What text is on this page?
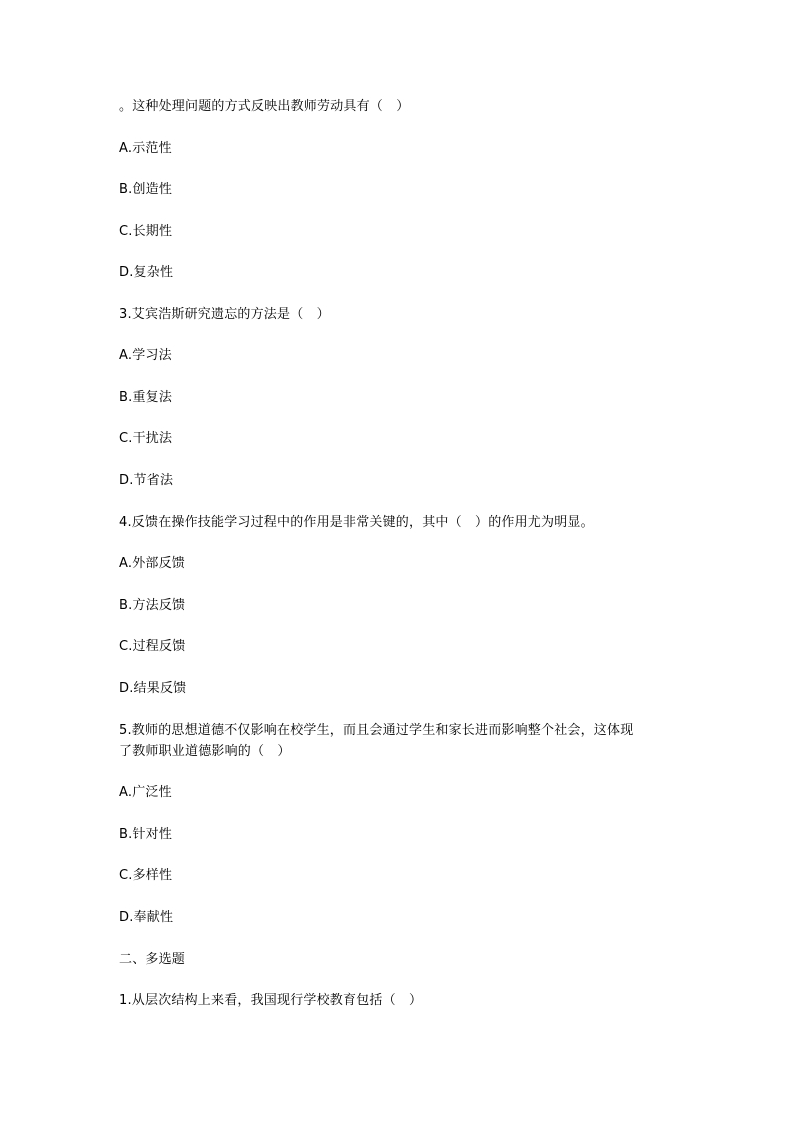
。这种处理问题的方式反映出教师劳动具有（　）
A.示范性
B.创造性
C.长期性
D.复杂性
3.艾宾浩斯研究遗忘的方法是（　）
A.学习法
B.重复法
C.干扰法
D.节省法
4.反馈在操作技能学习过程中的作用是非常关键的，其中（　）的作用尤为明显。
A.外部反馈
B.方法反馈
C.过程反馈
D.结果反馈
5.教师的思想道德不仅影响在校学生，而且会通过学生和家长进而影响整个社会，这体现
了教师职业道德影响的（　）
A.广泛性
B.针对性
C.多样性
D.奉献性
二、多选题
1.从层次结构上来看，我国现行学校教育包括（　）
